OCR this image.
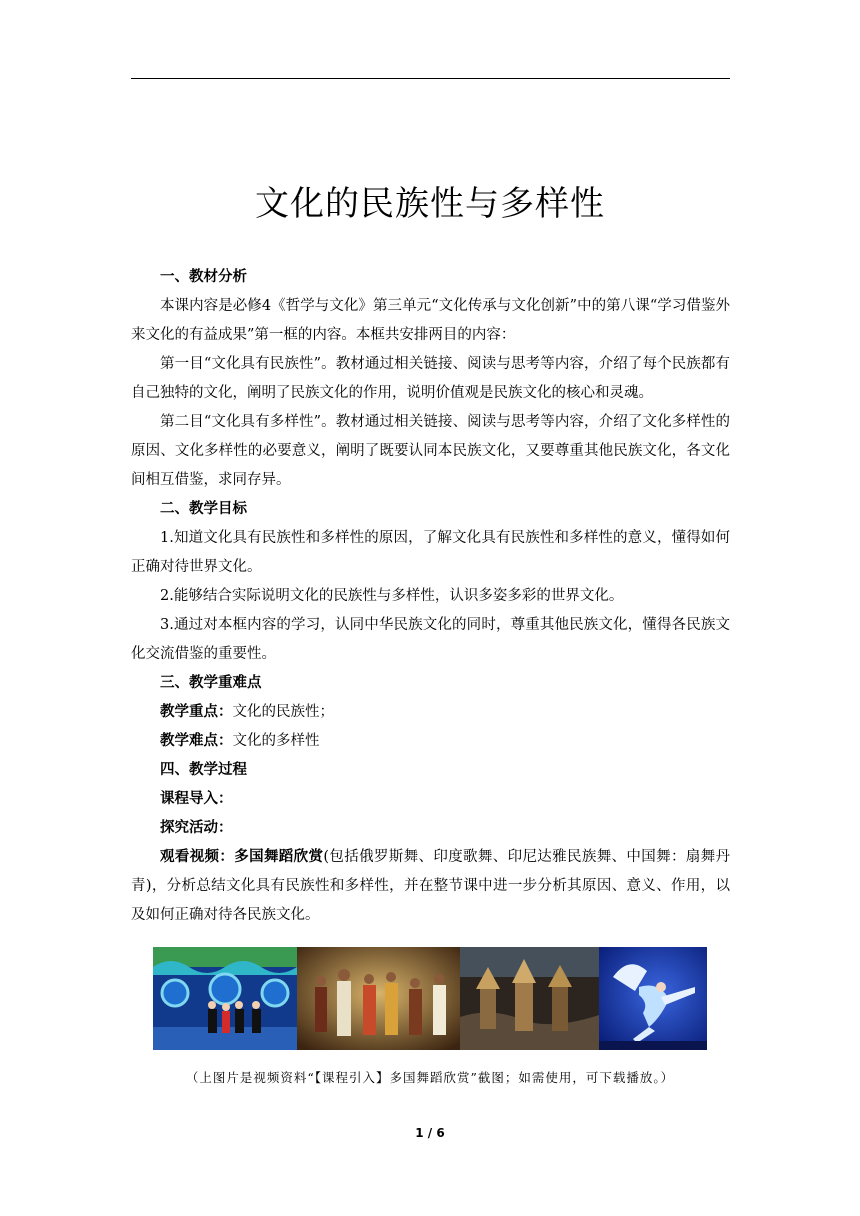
文化的民族性与多样性

一、教材分析

本课内容是必修4《哲学与文化》第三单元“文化传承与文化创新”中的第八课“学习借鉴外来文化的有益成果”第一框的内容。本框共安排两目的内容：

第一目“文化具有民族性”。教材通过相关链接、阅读与思考等内容，介绍了每个民族都有自己独特的文化，阐明了民族文化的作用，说明价值观是民族文化的核心和灵魂。

第二目“文化具有多样性”。教材通过相关链接、阅读与思考等内容，介绍了文化多样性的原因、文化多样性的必要意义，阐明了既要认同本民族文化，又要尊重其他民族文化，各文化间相互借鉴，求同存异。

二、教学目标

1.知道文化具有民族性和多样性的原因，了解文化具有民族性和多样性的意义，懂得如何正确对待世界文化。

2.能够结合实际说明文化的民族性与多样性，认识多姿多彩的世界文化。

3.通过对本框内容的学习，认同中华民族文化的同时，尊重其他民族文化，懂得各民族文化交流借鉴的重要性。

三、教学重难点

教学重点：文化的民族性；

教学难点：文化的多样性

四、教学过程

课程导入：

探究活动：

观看视频：多国舞蹈欣赏(包括俄罗斯舞、印度歌舞、印尼达雅民族舞、中国舞：扇舞丹青)，分析总结文化具有民族性和多样性，并在整节课中进一步分析其原因、意义、作用，以及如何正确对待各民族文化。

（上图片是视频资料“【课程引入】多国舞蹈欣赏”截图；如需使用，可下载播放。）
1 / 6
